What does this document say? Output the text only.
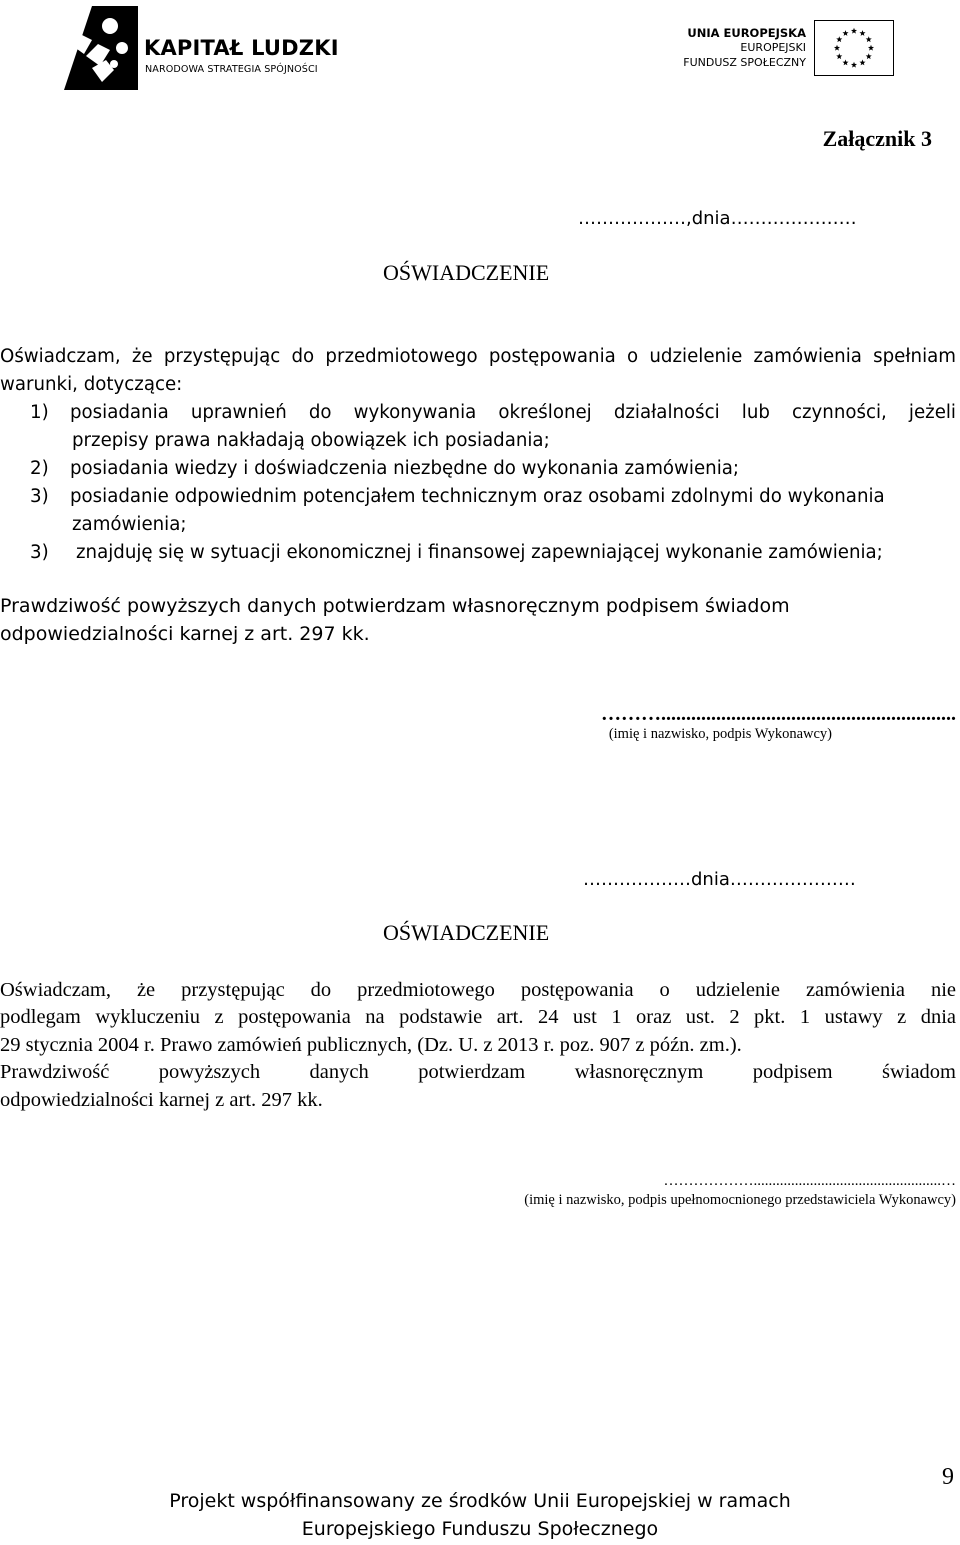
KAPITAŁ LUDZKI
NARODOWA STRATEGIA SPÓJNOŚCI
UNIA EUROPEJSKA
EUROPEJSKI
FUNDUSZ SPOŁECZNY
Załącznik 3
………………,dnia…………………
OŚWIADCZENIE
Oświadczam, że przystępując do przedmiotowego postępowania o udzielenie zamówienia spełniam
warunki, dotyczące:
1) posiadania uprawnień do wykonywania określonej działalności lub czynności, jeżeli
przepisy prawa nakładają obowiązek ich posiadania;
2) posiadania wiedzy i doświadczenia niezbędne do wykonania zamówienia;
3) posiadanie odpowiednim potencjałem technicznym oraz osobami zdolnymi do wykonania
zamówienia;
3) znajduję się w sytuacji ekonomicznej i finansowej zapewniającej wykonanie zamówienia;
Prawdziwość powyższych danych potwierdzam własnoręcznym podpisem świadom
odpowiedzialności karnej z art. 297 kk.
………...........................................................
(imię i nazwisko, podpis Wykonawcy)
………………dnia…………………
OŚWIADCZENIE
Oświadczam, że przystępując do przedmiotowego postępowania o udzielenie zamówienia nie
podlegam wykluczeniu z postępowania na podstawie art. 24 ust 1 oraz ust. 2 pkt. 1 ustawy z dnia
29 stycznia 2004 r. Prawo zamówień publicznych, (Dz. U. z 2013 r. poz. 907 z późn. zm.).
Prawdziwość powyższych danych potwierdzam własnoręcznym podpisem świadom
odpowiedzialności karnej z art. 297 kk.
………………..................................................…
(imię i nazwisko, podpis upełnomocnionego przedstawiciela Wykonawcy)
9
Projekt współfinansowany ze środków Unii Europejskiej w ramach
Europejskiego Funduszu Społecznego
